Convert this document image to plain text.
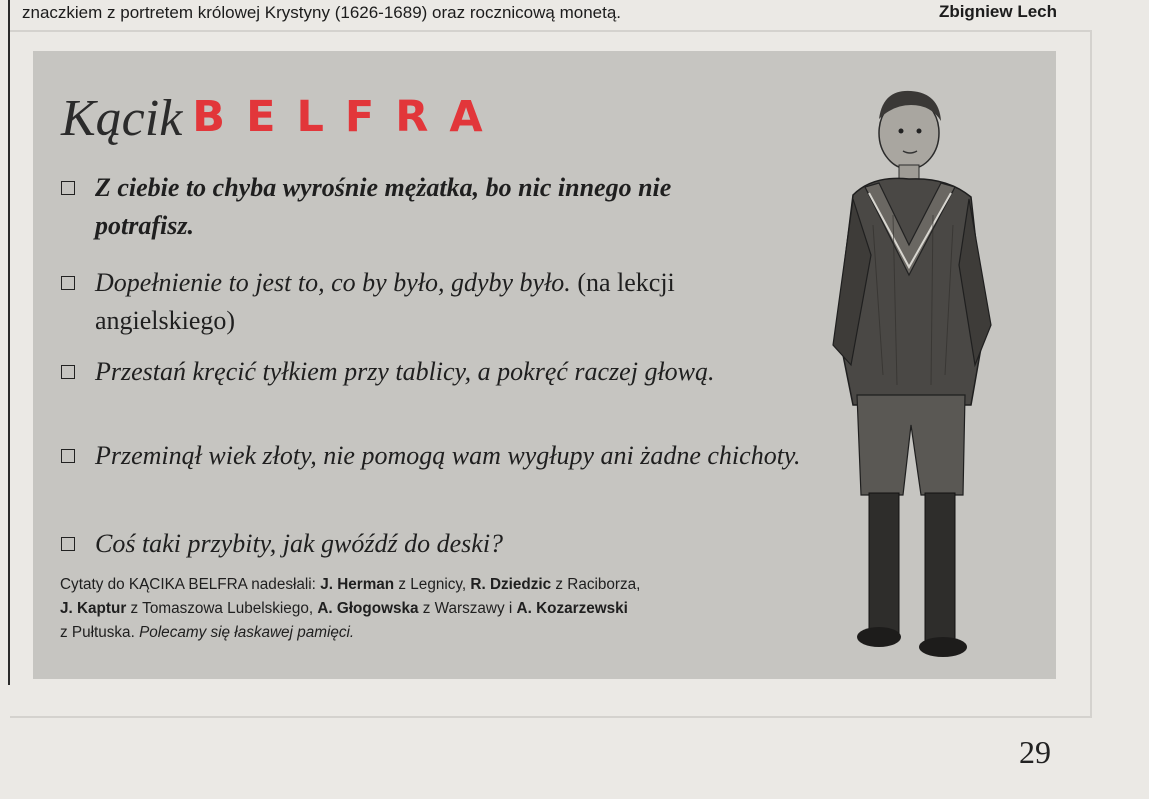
znaczkiem z portretem królowej Krystyny (1626-1689) oraz rocznicową monetą.	Zbigniew Lech
Kącik BELFRA
Z ciebie to chyba wyrośnie mężatka, bo nic innego nie potrafisz.
Dopełnienie to jest to, co by było, gdyby było. (na lekcji angielskiego)
Przestań kręcić tyłkiem przy tablicy, a pokręć raczej głową.
Przeminął wiek złoty, nie pomogą wam wygłupy ani żadne chichoty.
Coś taki przybity, jak gwóźdź do deski?
Cytaty do KĄCIKA BELFRA nadesłali: J. Herman z Legnicy, R. Dziedzic z Raciborza,
J. Kaptur z Tomaszowa Lubelskiego, A. Głogowska z Warszawy i A. Kozarzewski
z Pułtuska. Polecamy się łaskawej pamięci.
29
